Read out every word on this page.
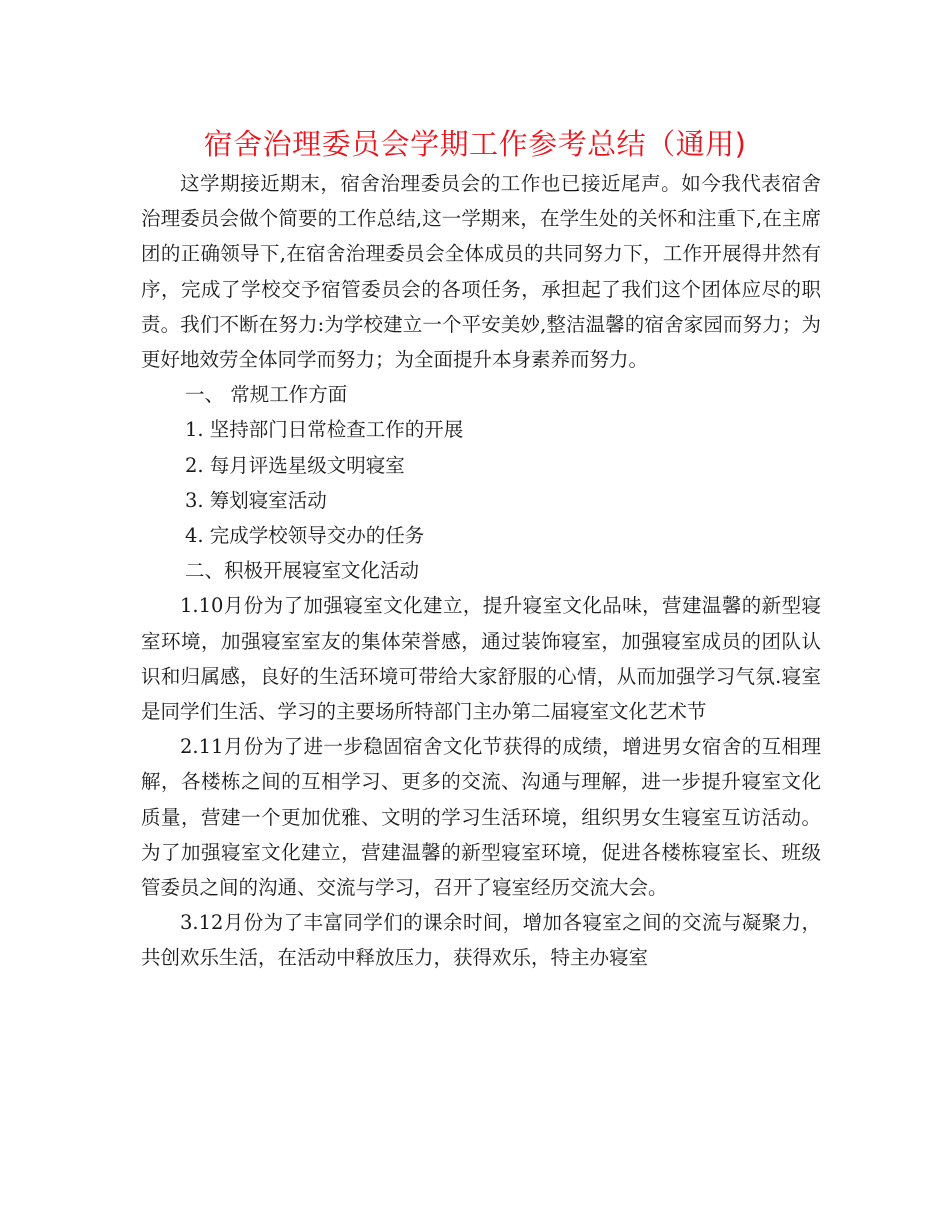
宿舍治理委员会学期工作参考总结（通用)

这学期接近期末，宿舍治理委员会的工作也已接近尾声。如今我代表宿舍治理委员会做个简要的工作总结,这一学期来，在学生处的关怀和注重下,在主席团的正确领导下,在宿舍治理委员会全体成员的共同努力下，工作开展得井然有序，完成了学校交予宿管委员会的各项任务，承担起了我们这个团体应尽的职责。我们不断在努力:为学校建立一个平安美妙,整洁温馨的宿舍家园而努力；为更好地效劳全体同学而努力；为全面提升本身素养而努力。

一、 常规工作方面

1. 坚持部门日常检查工作的开展

2. 每月评选星级文明寝室

3. 筹划寝室活动

4. 完成学校领导交办的任务

二、积极开展寝室文化活动

1.10月份为了加强寝室文化建立，提升寝室文化品味，营建温馨的新型寝室环境，加强寝室室友的集体荣誉感，通过装饰寝室，加强寝室成员的团队认识和归属感，良好的生活环境可带给大家舒服的心情，从而加强学习气氛.寝室是同学们生活、学习的主要场所特部门主办第二届寝室文化艺术节

2.11月份为了进一步稳固宿舍文化节获得的成绩，增进男女宿舍的互相理解，各楼栋之间的互相学习、更多的交流、沟通与理解，进一步提升寝室文化质量，营建一个更加优雅、文明的学习生活环境，组织男女生寝室互访活动。为了加强寝室文化建立，营建温馨的新型寝室环境，促进各楼栋寝室长、班级管委员之间的沟通、交流与学习，召开了寝室经历交流大会。

3.12月份为了丰富同学们的课余时间，增加各寝室之间的交流与凝聚力，共创欢乐生活，在活动中释放压力，获得欢乐，特主办寝室
